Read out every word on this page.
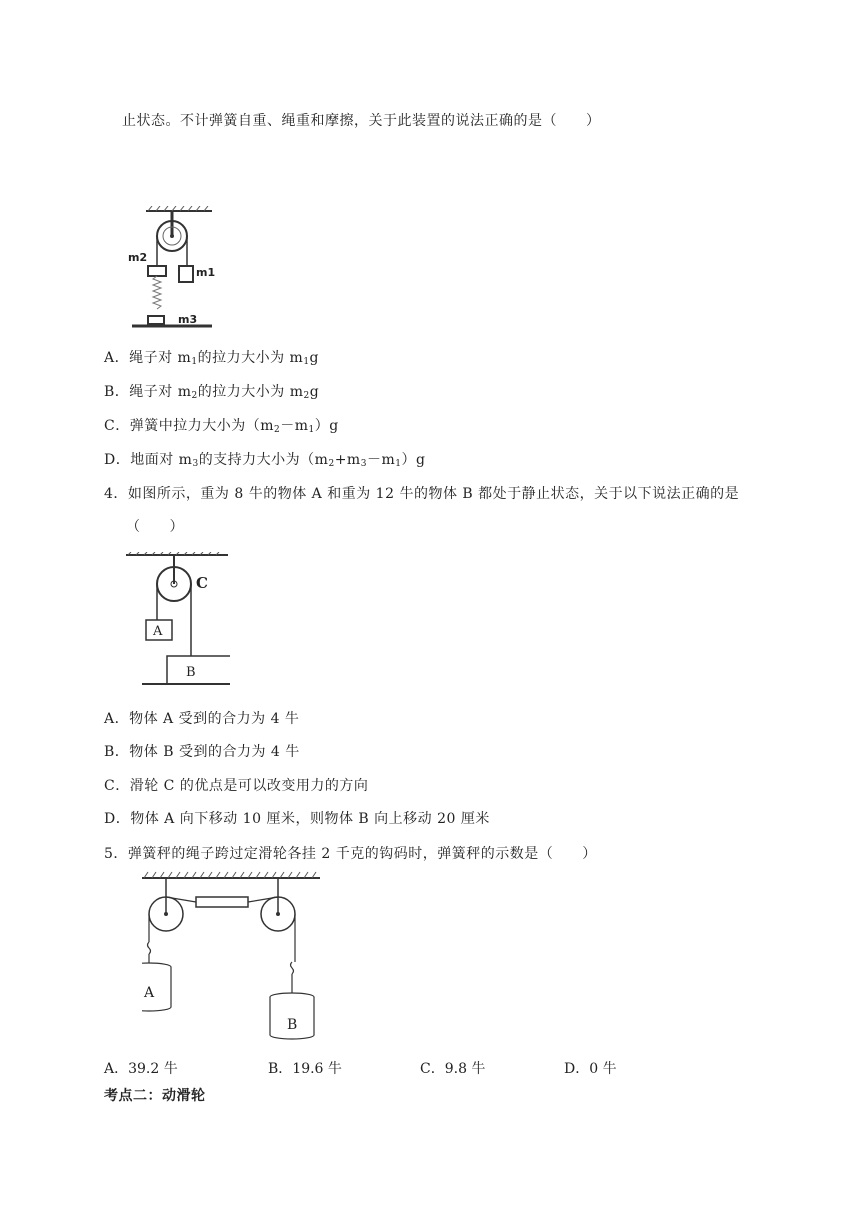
止状态。不计弹簧自重、绳重和摩擦，关于此装置的说法正确的是（　　）
m2
m1
m3
A．绳子对 $m_1$的拉力大小为 $m_1g$
B．绳子对 $m_2$的拉力大小为 $m_2g$
C．弹簧中拉力大小为$(m_2-m_1)g$
D．地面对 $m_3$的支持力大小为$(m_2+m_3-m_1)g$
4．如图所示，重为 8 牛的物体 A 和重为 12 牛的物体 B 都处于静止状态，关于以下说法正确的是
（　　）
C
A
B
A．物体 A 受到的合力为 4 牛
B．物体 B 受到的合力为 4 牛
C．滑轮 C 的优点是可以改变用力的方向
D．物体 A 向下移动 10 厘米，则物体 B 向上移动 20 厘米
5．弹簧秤的绳子跨过定滑轮各挂 2 千克的钩码时，弹簧秤的示数是（　　）
A
B
A．39.2 牛	B．19.6 牛	C．9.8 牛	D．0 牛
考点二：动滑轮
